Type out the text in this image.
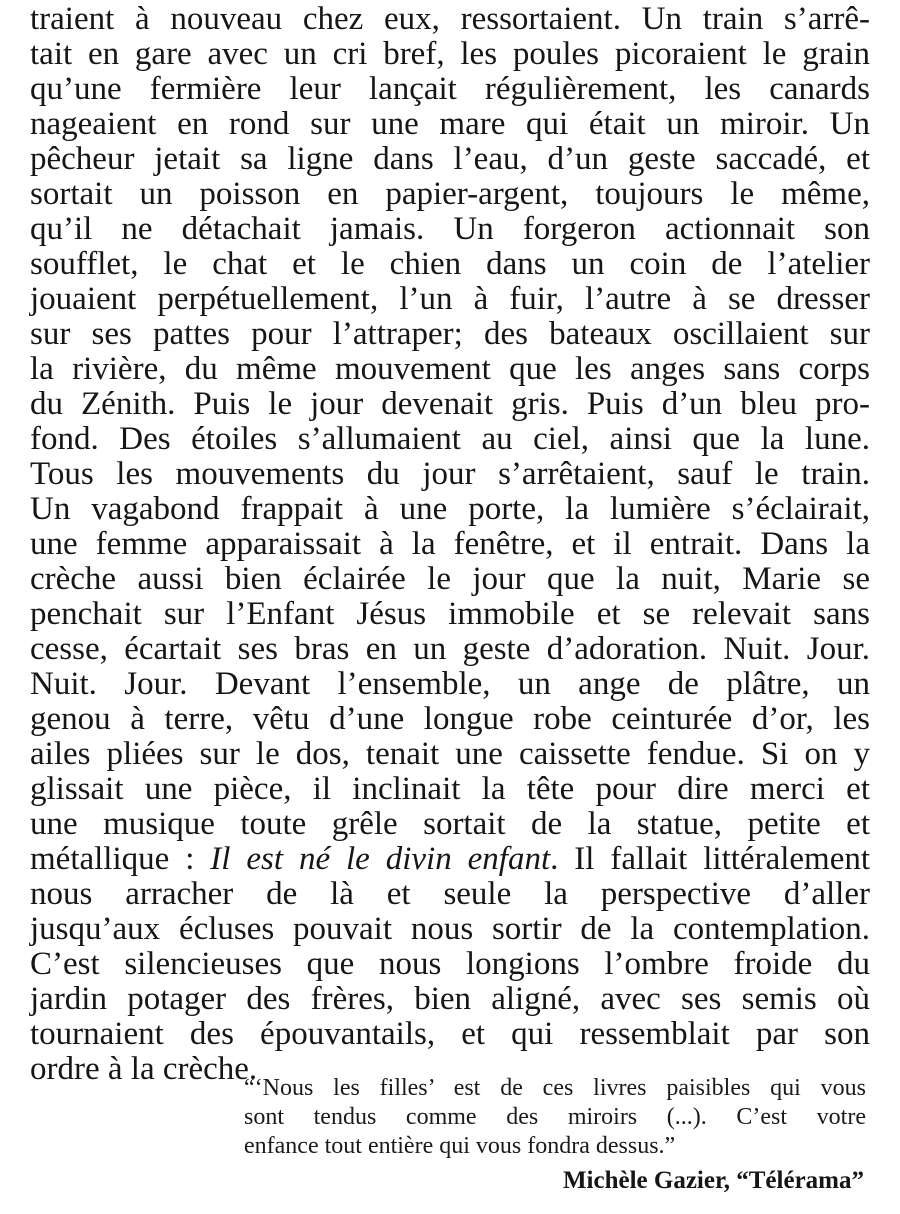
traient à nouveau chez eux, ressortaient. Un train s’arrê-
tait en gare avec un cri bref, les poules picoraient le grain
qu’une fermière leur lançait régulièrement, les canards
nageaient en rond sur une mare qui était un miroir. Un
pêcheur jetait sa ligne dans l’eau, d’un geste saccadé, et
sortait un poisson en papier-argent, toujours le même,
qu’il ne détachait jamais. Un forgeron actionnait son
soufflet, le chat et le chien dans un coin de l’atelier
jouaient perpétuellement, l’un à fuir, l’autre à se dresser
sur ses pattes pour l’attraper; des bateaux oscillaient sur
la rivière, du même mouvement que les anges sans corps
du Zénith. Puis le jour devenait gris. Puis d’un bleu pro-
fond. Des étoiles s’allumaient au ciel, ainsi que la lune.
Tous les mouvements du jour s’arrêtaient, sauf le train.
Un vagabond frappait à une porte, la lumière s’éclairait,
une femme apparaissait à la fenêtre, et il entrait. Dans la
crèche aussi bien éclairée le jour que la nuit, Marie se
penchait sur l’Enfant Jésus immobile et se relevait sans
cesse, écartait ses bras en un geste d’adoration. Nuit. Jour.
Nuit. Jour. Devant l’ensemble, un ange de plâtre, un
genou à terre, vêtu d’une longue robe ceinturée d’or, les
ailes pliées sur le dos, tenait une caissette fendue. Si on y
glissait une pièce, il inclinait la tête pour dire merci et
une musique toute grêle sortait de la statue, petite et
métallique : Il est né le divin enfant. Il fallait littéralement
nous arracher de là et seule la perspective d’aller
jusqu’aux écluses pouvait nous sortir de la contemplation.
C’est silencieuses que nous longions l’ombre froide du
jardin potager des frères, bien aligné, avec ses semis où
tournaient des épouvantails, et qui ressemblait par son
ordre à la crèche.
“‘Nous les filles’ est de ces livres paisibles qui vous
sont tendus comme des miroirs (...). C’est votre
enfance tout entière qui vous fondra dessus.”
Michèle Gazier, “Télérama”
